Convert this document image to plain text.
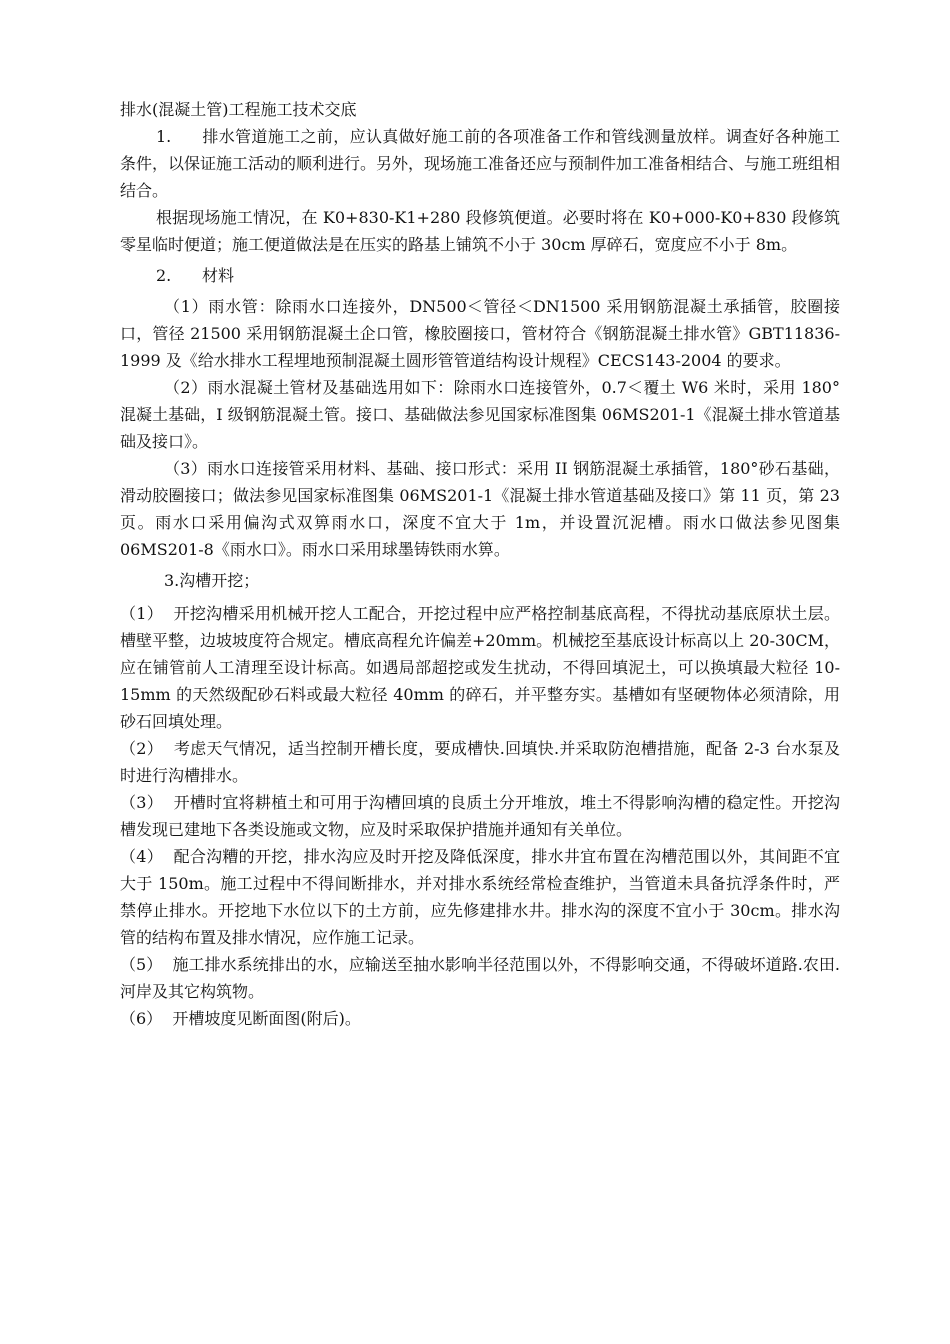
排水(混凝土管)工程施工技术交底

1. 排水管道施工之前，应认真做好施工前的各项准备工作和管线测量放样。调查好各种施工条件，以保证施工活动的顺利进行。另外，现场施工准备还应与预制件加工准备相结合、与施工班组相结合。

根据现场施工情况，在 K0+830-K1+280 段修筑便道。必要时将在 K0+000-K0+830 段修筑零星临时便道；施工便道做法是在压实的路基上铺筑不小于 30cm 厚碎石，宽度应不小于 8m。

2. 材料

（1）雨水管：除雨水口连接外，DN500＜管径＜DN1500 采用钢筋混凝土承插管，胶圈接口，管径 21500 采用钢筋混凝土企口管，橡胶圈接口，管材符合《钢筋混凝土排水管》GBT11836-1999 及《给水排水工程埋地预制混凝土圆形管管道结构设计规程》CECS143-2004 的要求。

（2）雨水混凝土管材及基础选用如下：除雨水口连接管外，0.7＜覆土 W6 米时，采用 180°混凝土基础，I 级钢筋混凝土管。接口、基础做法参见国家标准图集 06MS201-1《混凝土排水管道基础及接口》。

（3）雨水口连接管采用材料、基础、接口形式：采用 II 钢筋混凝土承插管，180°砂石基础，滑动胶圈接口；做法参见国家标准图集 06MS201-1《混凝土排水管道基础及接口》第 11 页，第 23 页。雨水口采用偏沟式双箅雨水口，深度不宜大于 1m，并设置沉泥槽。雨水口做法参见图集 06MS201-8《雨水口》。雨水口采用球墨铸铁雨水箅。

3.沟槽开挖；

（1）  开挖沟槽采用机械开挖人工配合，开挖过程中应严格控制基底高程，不得扰动基底原状土层。槽壁平整，边坡坡度符合规定。槽底高程允许偏差+20mm。机械挖至基底设计标高以上 20-30CM，应在铺管前人工清理至设计标高。如遇局部超挖或发生扰动，不得回填泥土，可以换填最大粒径 10-15mm 的天然级配砂石料或最大粒径 40mm 的碎石，并平整夯实。基槽如有坚硬物体必须清除，用砂石回填处理。

（2）  考虑天气情况，适当控制开槽长度，要成槽快.回填快.并采取防泡槽措施，配备 2-3 台水泵及时进行沟槽排水。

（3）  开槽时宜将耕植土和可用于沟槽回填的良质土分开堆放，堆土不得影响沟槽的稳定性。开挖沟槽发现已建地下各类设施或文物，应及时采取保护措施并通知有关单位。

（4）  配合沟糟的开挖，排水沟应及时开挖及降低深度，排水井宜布置在沟槽范围以外，其间距不宜大于 150m。施工过程中不得间断排水，并对排水系统经常检查维护，当管道未具备抗浮条件时，严禁停止排水。开挖地下水位以下的土方前，应先修建排水井。排水沟的深度不宜小于 30cm。排水沟管的结构布置及排水情况，应作施工记录。

（5）  施工排水系统排出的水，应输送至抽水影响半径范围以外，不得影响交通，不得破坏道路.农田.河岸及其它构筑物。

（6）  开槽坡度见断面图(附后)。
